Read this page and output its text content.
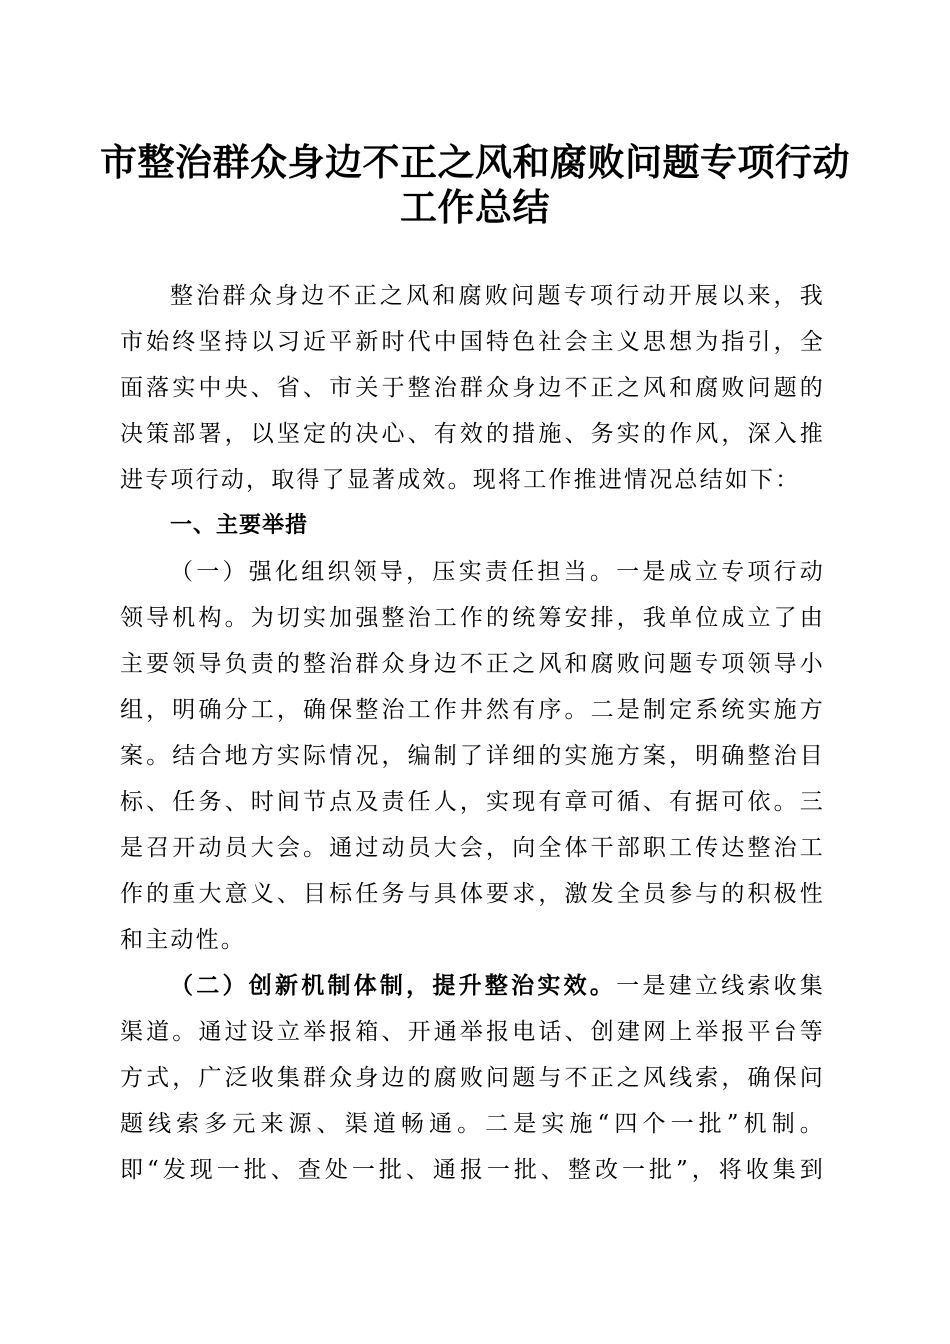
市整治群众身边不正之风和腐败问题专项行动
工作总结
整治群众身边不正之风和腐败问题专项行动开展以来，我
市始终坚持以习近平新时代中国特色社会主义思想为指引，全
面落实中央、省、市关于整治群众身边不正之风和腐败问题的
决策部署，以坚定的决心、有效的措施、务实的作风，深入推
进专项行动，取得了显著成效。现将工作推进情况总结如下：
一、主要举措
（一）强化组织领导，压实责任担当。一是成立专项行动
领导机构。为切实加强整治工作的统筹安排，我单位成立了由
主要领导负责的整治群众身边不正之风和腐败问题专项领导小
组，明确分工，确保整治工作井然有序。二是制定系统实施方
案。结合地方实际情况，编制了详细的实施方案，明确整治目
标、任务、时间节点及责任人，实现有章可循、有据可依。三
是召开动员大会。通过动员大会，向全体干部职工传达整治工
作的重大意义、目标任务与具体要求，激发全员参与的积极性
和主动性。
（二）创新机制体制，提升整治实效。一是建立线索收集
渠道。通过设立举报箱、开通举报电话、创建网上举报平台等
方式，广泛收集群众身边的腐败问题与不正之风线索，确保问
题线索多元来源、渠道畅通。二是实施“四个一批”机制。
即“发现一批、查处一批、通报一批、整改一批”，将收集到
